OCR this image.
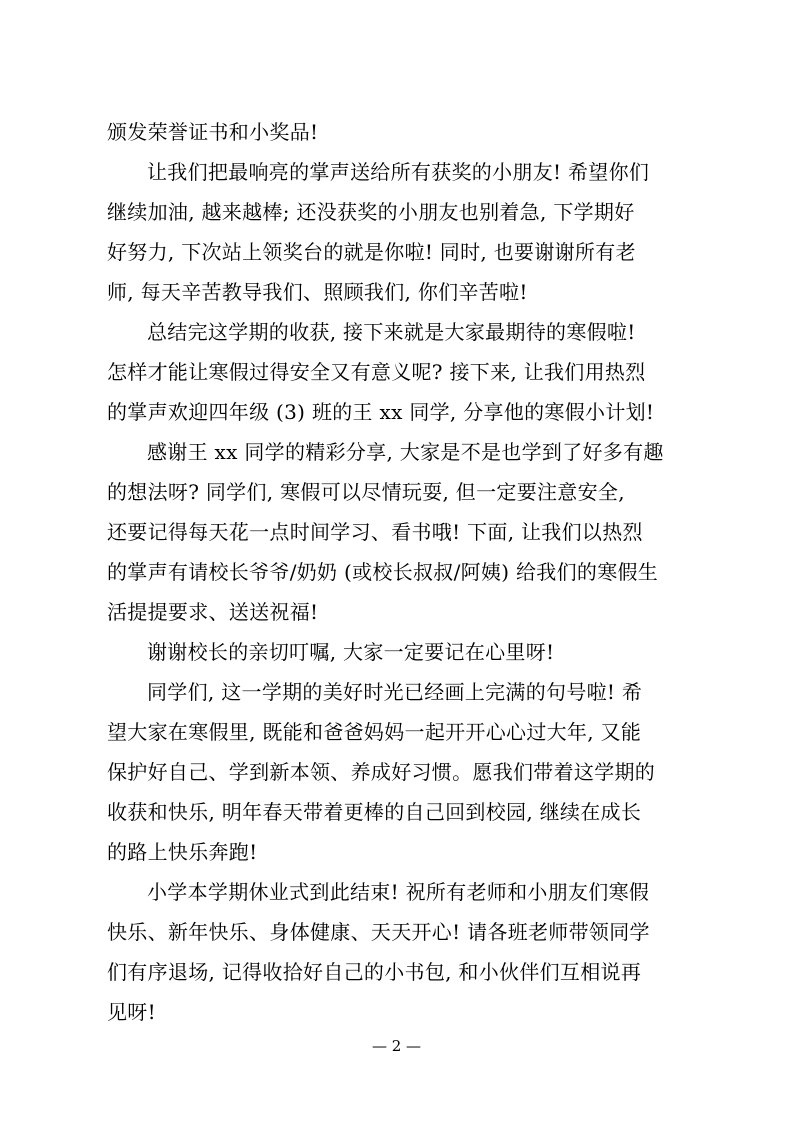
颁发荣誉证书和小奖品!
让我们把最响亮的掌声送给所有获奖的小朋友! 希望你们
继续加油, 越来越棒; 还没获奖的小朋友也别着急, 下学期好
好努力, 下次站上领奖台的就是你啦! 同时, 也要谢谢所有老
师, 每天辛苦教导我们、照顾我们, 你们辛苦啦!
总结完这学期的收获, 接下来就是大家最期待的寒假啦!
怎样才能让寒假过得安全又有意义呢? 接下来, 让我们用热烈
的掌声欢迎四年级 (3) 班的王 xx 同学, 分享他的寒假小计划!
感谢王 xx 同学的精彩分享, 大家是不是也学到了好多有趣
的想法呀? 同学们, 寒假可以尽情玩耍, 但一定要注意安全,
还要记得每天花一点时间学习、看书哦! 下面, 让我们以热烈
的掌声有请校长爷爷/奶奶 (或校长叔叔/阿姨) 给我们的寒假生
活提提要求、送送祝福!
谢谢校长的亲切叮嘱, 大家一定要记在心里呀!
同学们, 这一学期的美好时光已经画上完满的句号啦! 希
望大家在寒假里, 既能和爸爸妈妈一起开开心心过大年, 又能
保护好自己、学到新本领、养成好习惯。愿我们带着这学期的
收获和快乐, 明年春天带着更棒的自己回到校园, 继续在成长
的路上快乐奔跑!
小学本学期休业式到此结束! 祝所有老师和小朋友们寒假
快乐、新年快乐、身体健康、天天开心! 请各班老师带领同学
们有序退场, 记得收拾好自己的小书包, 和小伙伴们互相说再
见呀!
— 2 —
